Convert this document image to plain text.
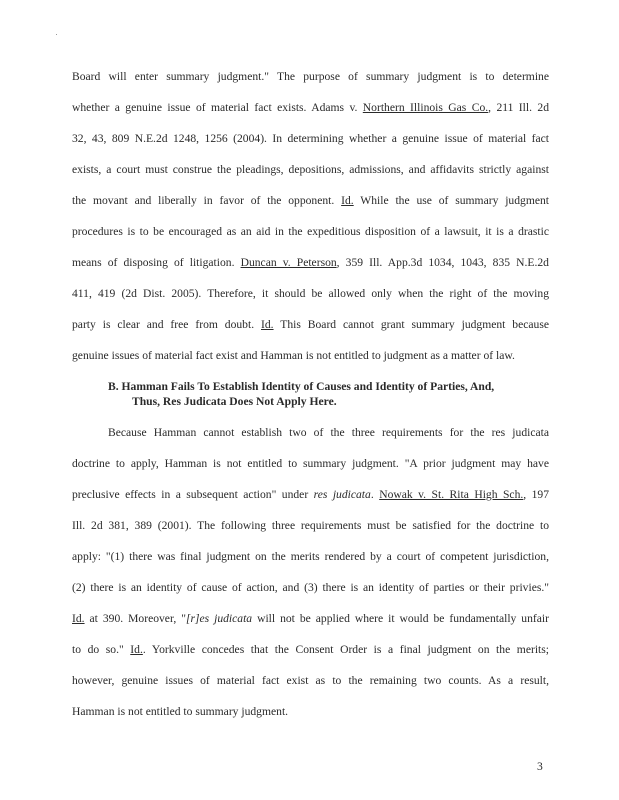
Board will enter summary judgment." The purpose of summary judgment is to determine
whether a genuine issue of material fact exists. Adams v. Northern Illinois Gas Co., 211 Ill. 2d
32, 43, 809 N.E.2d 1248, 1256 (2004). In determining whether a genuine issue of material fact
exists, a court must construe the pleadings, depositions, admissions, and affidavits strictly against
the movant and liberally in favor of the opponent. Id. While the use of summary judgment
procedures is to be encouraged as an aid in the expeditious disposition of a lawsuit, it is a drastic
means of disposing of litigation. Duncan v. Peterson, 359 Ill. App.3d 1034, 1043, 835 N.E.2d
411, 419 (2d Dist. 2005). Therefore, it should be allowed only when the right of the moving
party is clear and free from doubt. Id. This Board cannot grant summary judgment because
genuine issues of material fact exist and Hamman is not entitled to judgment as a matter of law.
B. Hamman Fails To Establish Identity of Causes and Identity of Parties, And,
Thus, Res Judicata Does Not Apply Here.
Because Hamman cannot establish two of the three requirements for the res judicata
doctrine to apply, Hamman is not entitled to summary judgment. "A prior judgment may have
preclusive effects in a subsequent action" under res judicata. Nowak v. St. Rita High Sch., 197
Ill. 2d 381, 389 (2001). The following three requirements must be satisfied for the doctrine to
apply: "(1) there was final judgment on the merits rendered by a court of competent jurisdiction,
(2) there is an identity of cause of action, and (3) there is an identity of parties or their privies."
Id. at 390. Moreover, "[r]es judicata will not be applied where it would be fundamentally unfair
to do so." Id.. Yorkville concedes that the Consent Order is a final judgment on the merits;
however, genuine issues of material fact exist as to the remaining two counts. As a result,
Hamman is not entitled to summary judgment.
3
